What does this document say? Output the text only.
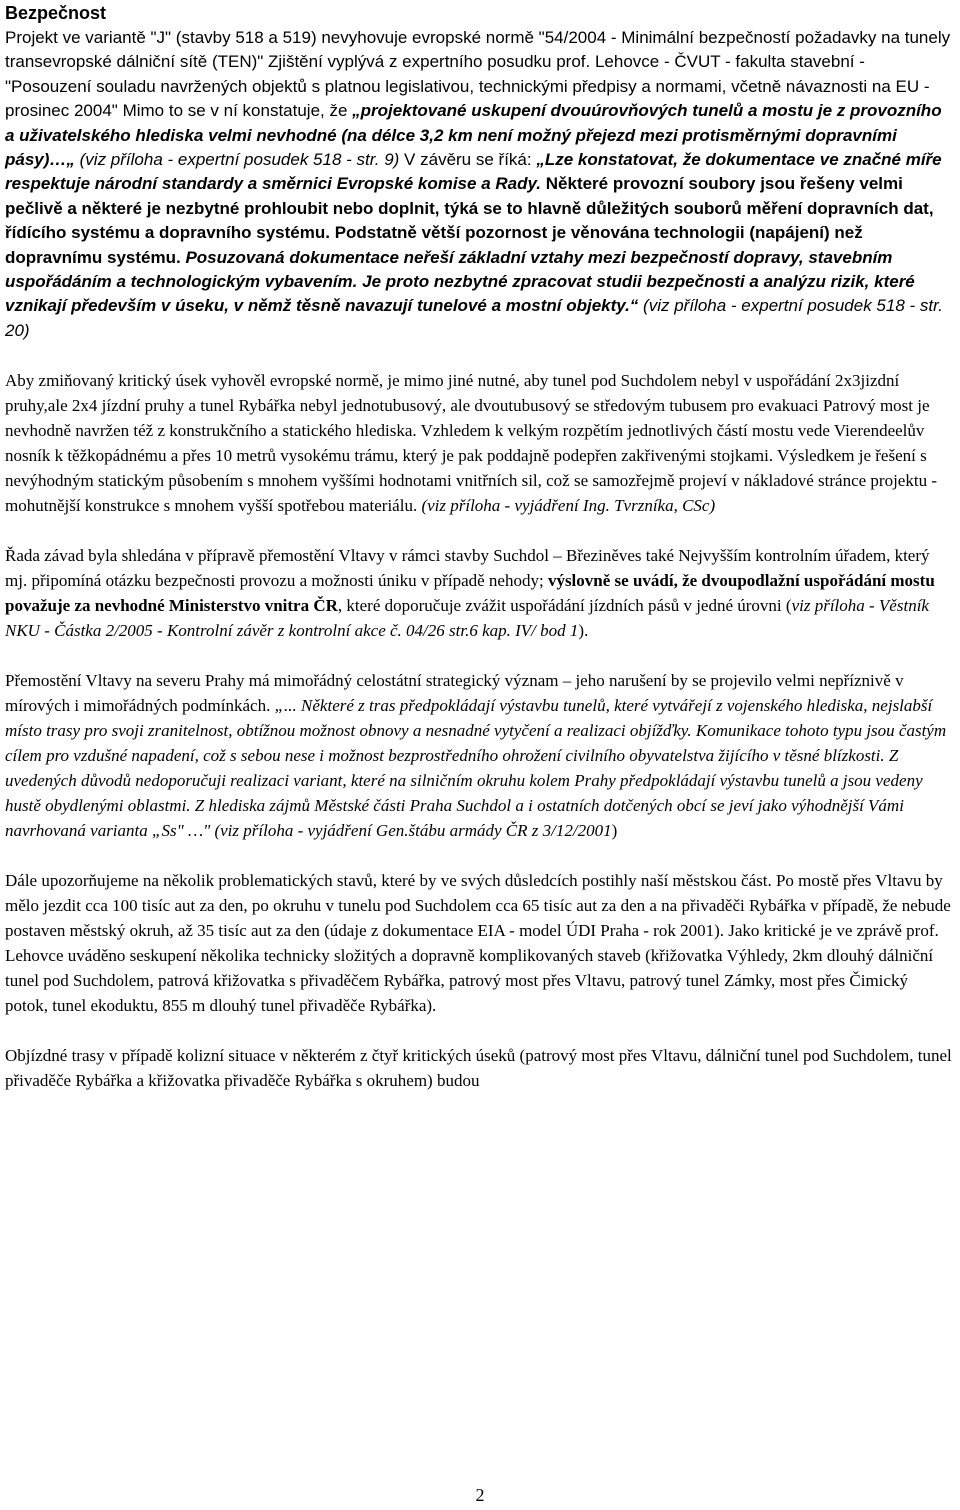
Bezpečnost

Projekt ve variantě "J" (stavby 518 a 519) nevyhovuje evropské normě "54/2004 - Minimální bezpečností požadavky na tunely transevropské dálniční sítě (TEN)" Zjištění vyplývá z expertního posudku prof. Lehovce - ČVUT - fakulta stavební - "Posouzení souladu navržených objektů s platnou legislativou, technickými předpisy a normami, včetně návaznosti na EU - prosinec 2004" Mimo to se v ní konstatuje, že „projektované uskupení dvouúrovňových tunelů a mostu je z provozního a uživatelského hlediska velmi nevhodné (na délce 3,2 km není možný přejezd mezi protisměrnými dopravními pásy)…„ (viz příloha - expertní posudek 518 - str. 9) V závěru se říká: „Lze konstatovat, že dokumentace ve značné míře respektuje národní standardy a směrnici Evropské komise a Rady. Některé provozní soubory jsou řešeny velmi pečlivě a některé je nezbytné prohloubit nebo doplnit, týká se to hlavně důležitých souborů měření dopravních dat, řídícího systému a dopravního systému. Podstatně větší pozornost je věnována technologii (napájení) než dopravnímu systému. Posuzovaná dokumentace neřeší základní vztahy mezi bezpečností dopravy, stavebním uspořádáním a technologickým vybavením. Je proto nezbytné zpracovat studii bezpečnosti a analýzu rizik, které vznikají především v úseku, v němž těsně navazují tunelové a mostní objekty.“ (viz příloha - expertní posudek 518 - str. 20)

Aby zmiňovaný kritický úsek vyhověl evropské normě, je mimo jiné nutné, aby tunel pod Suchdolem nebyl v uspořádání 2x3jizdní pruhy,ale 2x4 jízdní pruhy a tunel Rybářka nebyl jednotubusový, ale dvoutubusový se středovým tubusem pro evakuaci Patrový most je nevhodně navržen též z konstrukčního a statického hlediska. Vzhledem k velkým rozpětím jednotlivých částí mostu vede Vierendeelův nosník k těžkopádnému a přes 10 metrů vysokému trámu, který je pak poddajně podepřen zakřivenými stojkami. Výsledkem je řešení s nevýhodným statickým působením s mnohem vyššími hodnotami vnitřních sil, což se samozřejmě projeví v nákladové stránce projektu - mohutnější konstrukce s mnohem vyšší spotřebou materiálu. (viz příloha - vyjádření Ing. Tvrzníka, CSc)

Řada závad byla shledána v přípravě přemostění Vltavy v rámci stavby Suchdol – Březiněves také Nejvyšším kontrolním úřadem, který mj. připomíná otázku bezpečnosti provozu a možnosti úniku v případě nehody; výslovně se uvádí, že dvoupodlažní uspořádání mostu považuje za nevhodné Ministerstvo vnitra ČR, které doporučuje zvážit uspořádání jízdních pásů v jedné úrovni (viz příloha - Věstník NKU - Částka 2/2005 - Kontrolní závěr z kontrolní akce č. 04/26 str.6 kap. IV/ bod 1).

Přemostění Vltavy na severu Prahy má mimořádný celostátní strategický význam – jeho narušení by se projevilo velmi nepříznivě v mírových i mimořádných podmínkách. „... Některé z tras předpokládají výstavbu tunelů, které vytvářejí z vojenského hlediska, nejslabší místo trasy pro svoji zranitelnost, obtížnou možnost obnovy a nesnadné vytyčení a realizaci objížďky. Komunikace tohoto typu jsou častým cílem pro vzdušné napadení, což s sebou nese i možnost bezprostředního ohrožení civilního obyvatelstva žijícího v těsné blízkosti. Z uvedených důvodů nedoporučuji realizaci variant, které na silničním okruhu kolem Prahy předpokládají výstavbu tunelů a jsou vedeny hustě obydlenými oblastmi. Z hlediska zájmů Městské části Praha Suchdol a i ostatních dotčených obcí se jeví jako výhodnější Vámi navrhovaná varianta „Ss" …" (viz příloha - vyjádření Gen.štábu armády ČR z 3/12/2001)

Dále upozorňujeme na několik problematických stavů, které by ve svých důsledcích postihly naší městskou část. Po mostě přes Vltavu by mělo jezdit cca 100 tisíc aut za den, po okruhu v tunelu pod Suchdolem cca 65 tisíc aut za den a na přivaděči Rybářka v případě, že nebude postaven městský okruh, až 35 tisíc aut za den (údaje z dokumentace EIA - model ÚDI Praha - rok 2001). Jako kritické je ve zprávě prof. Lehovce uváděno seskupení několika technicky složitých a dopravně komplikovaných staveb (křižovatka Výhledy, 2km dlouhý dálniční tunel pod Suchdolem, patrová křižovatka s přivaděčem Rybářka, patrový most přes Vltavu, patrový tunel Zámky, most přes Čimický potok, tunel ekoduktu, 855 m dlouhý tunel přivaděče Rybářka).

Objízdné trasy v případě kolizní situace v některém z čtyř kritických úseků (patrový most přes Vltavu, dálniční tunel pod Suchdolem, tunel přivaděče Rybářka a křižovatka přivaděče Rybářka s okruhem) budou

2
